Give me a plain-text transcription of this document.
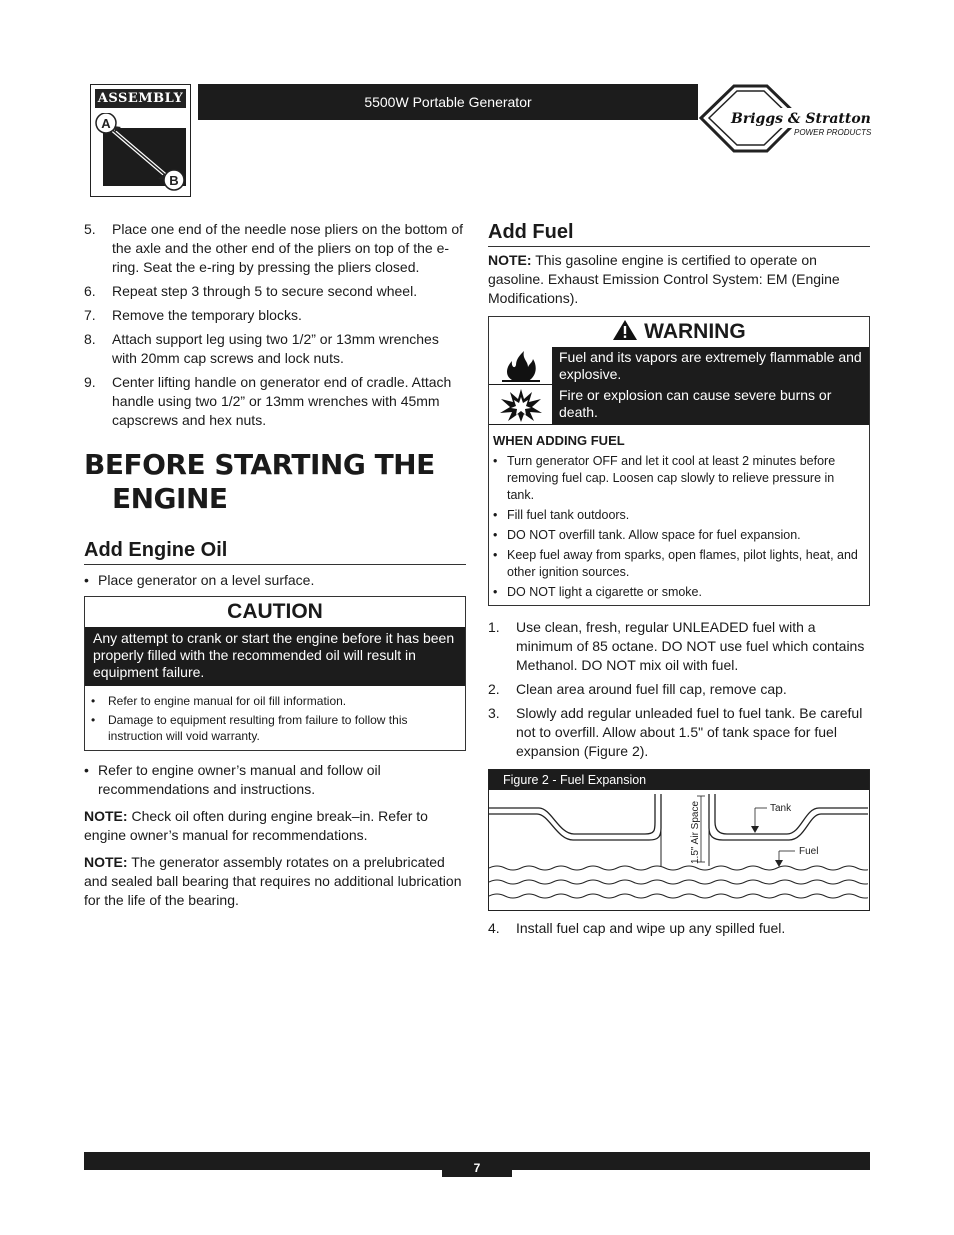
ASSEMBLY
A
B
5500W Portable Generator
Briggs & Stratton
POWER PRODUCTS
5.	Place one end of the needle nose pliers on the bottom of the axle and the other end of the pliers on top of the e-ring. Seat the e-ring by pressing the pliers closed.
6.	Repeat step 3 through 5 to secure second wheel.
7.	Remove the temporary blocks.
8.	Attach support leg using two 1/2” or 13mm wrenches with 20mm cap screws and lock nuts.
9.	Center lifting handle on generator end of cradle. Attach handle using two 1/2” or 13mm wrenches with 45mm capscrews and hex nuts.
BEFORE STARTING THE
ENGINE
Add Engine Oil
• Place generator on a level surface.
CAUTION
Any attempt to crank or start the engine before it has been properly filled with the recommended oil will result in equipment failure.
•	Refer to engine manual for oil fill information.
•	Damage to equipment resulting from failure to follow this instruction will void warranty.
• Refer to engine owner’s manual and follow oil recommendations and instructions.

NOTE: Check oil often during engine break–in. Refer to engine owner’s manual for recommendations.

NOTE: The generator assembly rotates on a prelubricated and sealed ball bearing that requires no additional lubrication for the life of the bearing.

Add Fuel

NOTE: This gasoline engine is certified to operate on gasoline. Exhaust Emission Control System: EM (Engine Modifications).

WARNING
Fuel and its vapors are extremely flammable and explosive.
Fire or explosion can cause severe burns or death.
WHEN ADDING FUEL
• Turn generator OFF and let it cool at least 2 minutes before removing fuel cap. Loosen cap slowly to relieve pressure in tank.
• Fill fuel tank outdoors.
• DO NOT overfill tank. Allow space for fuel expansion.
• Keep fuel away from sparks, open flames, pilot lights, heat, and other ignition sources.
• DO NOT light a cigarette or smoke.
1.	Use clean, fresh, regular UNLEADED fuel with a minimum of 85 octane. DO NOT use fuel which contains Methanol. DO NOT mix oil with fuel.
2.	Clean area around fuel fill cap, remove cap.
3.	Slowly add regular unleaded fuel to fuel tank. Be careful not to overfill. Allow about 1.5" of tank space for fuel expansion (Figure 2).
Figure 2 - Fuel Expansion
1.5" Air Space	Tank
Fuel
4.	Install fuel cap and wipe up any spilled fuel.
7
